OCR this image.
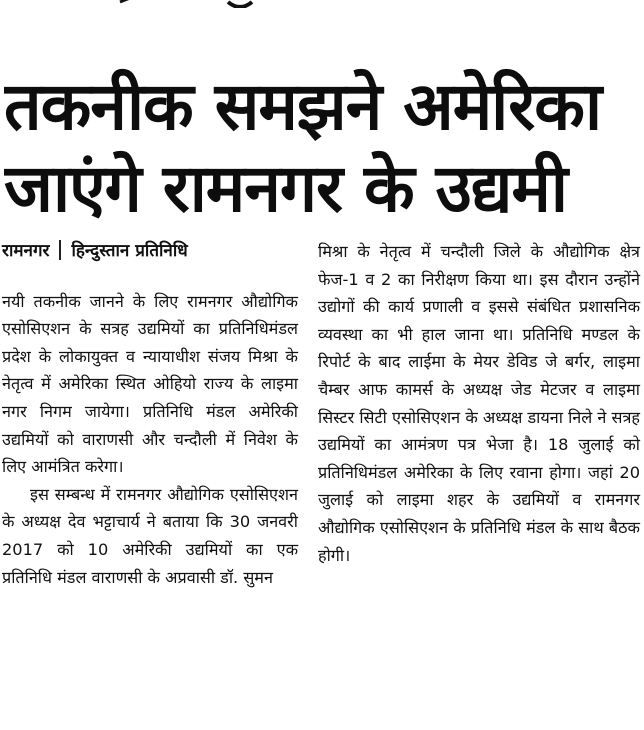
तकनीक समझने अमेरिका
जाएंगे रामनगर के उद्यमी
रामनगर हिन्दुस्तान प्रतिनिधि

नयी तकनीक जानने के लिए रामनगर औद्योगिक एसोसिएशन के सत्रह उद्यमियों का प्रतिनिधिमंडल प्रदेश के लोकायुक्त व न्यायाधीश संजय मिश्रा के नेतृत्व में अमेरिका स्थित ओहियो राज्य के लाइमा नगर निगम जायेगा। प्रतिनिधि मंडल अमेरिकी उद्यमियों को वाराणसी और चन्दौली में निवेश के लिए आमंत्रित करेगा।

इस सम्बन्ध में रामनगर औद्योगिक एसोसिएशन के अध्यक्ष देव भट्टाचार्य ने बताया कि 30 जनवरी 2017 को 10 अमेरिकी उद्यमियों का एक प्रतिनिधि मंडल वाराणसी के अप्रवासी डॉ. सुमन

मिश्रा के नेतृत्व में चन्दौली जिले के औद्योगिक क्षेत्र फेज-1 व 2 का निरीक्षण किया था। इस दौरान उन्होंने उद्योगों की कार्य प्रणाली व इससे संबंधित प्रशासनिक व्यवस्था का भी हाल जाना था। प्रतिनिधि मण्डल के रिपोर्ट के बाद लाईमा के मेयर डेविड जे बर्गर, लाइमा चैम्बर आफ कामर्स के अध्यक्ष जेड मेटजर व लाइमा सिस्टर सिटी एसोसिएशन के अध्यक्ष डायना निले ने सत्रह उद्यमियों का आमंत्रण पत्र भेजा है। 18 जुलाई को प्रतिनिधिमंडल अमेरिका के लिए रवाना होगा। जहां 20 जुलाई को लाइमा शहर के उद्यमियों व रामनगर औद्योगिक एसोसिएशन के प्रतिनिधि मंडल के साथ बैठक होगी।
